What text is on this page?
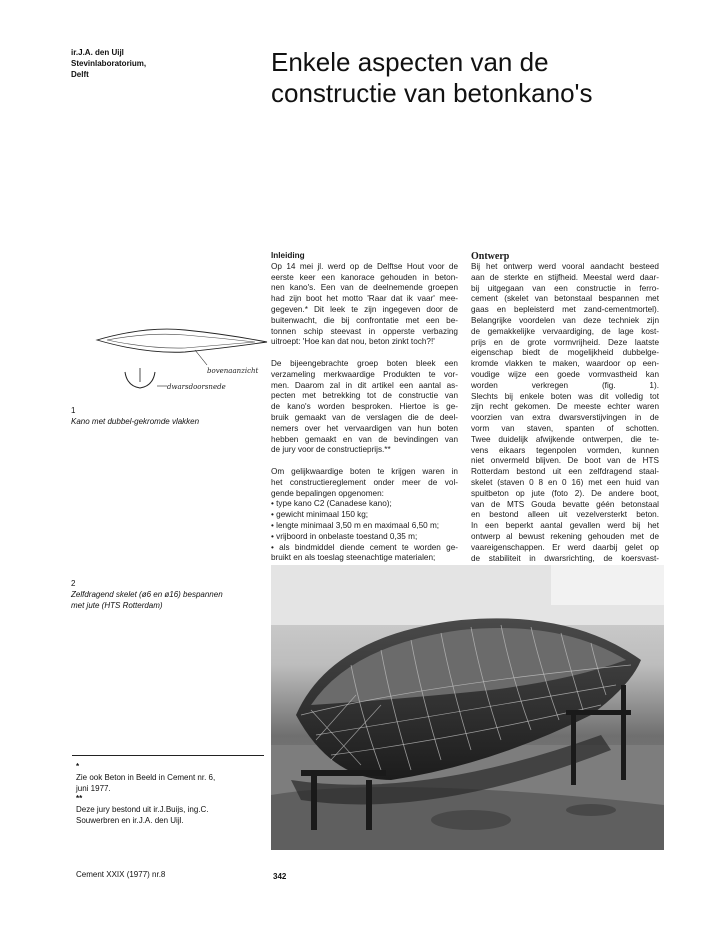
ir.J.A. den Uijl
Stevinlaboratorium,
Delft	Enkele aspecten van de
constructie van betonkano's
bovenaanzicht
dwarsdoorsnede
1
Kano met dubbel-gekromde vlakken
Inleiding
Op 14 mei jl. werd op de Delftse Hout voor de
eerste keer een kanorace gehouden in beton-
nen kano's. Een van de deelnemende groepen
had zijn boot het motto 'Raar dat ik vaar' mee-
gegeven.* Dit leek te zijn ingegeven door de
buitenwacht, die bij confrontatie met een be-
tonnen schip steevast in opperste verbazing
uitroept: 'Hoe kan dat nou, beton zinkt toch?!'
De bijeengebrachte groep boten bleek een
verzameling merkwaardige Produkten te vor-
men. Daarom zal in dit artikel een aantal as-
pecten met betrekking tot de constructie van
de kano's worden besproken. Hiertoe is ge-
bruik gemaakt van de verslagen die de deel-
nemers over het vervaardigen van hun boten
hebben gemaakt en van de bevindingen van
de jury voor de constructieprijs.**
Om gelijkwaardige boten te krijgen waren in
het constructiereglement onder meer de vol-
gende bepalingen opgenomen:
• type kano C2 (Canadese kano);
• gewicht minimaal 150 kg;
• lengte minimaal 3,50 m en maximaal 6,50 m;
• vrijboord in onbelaste toestand 0,35 m;
• als bindmiddel diende cement te worden ge-
bruikt en als toeslag steenachtige materialen;
Ontwerp
Bij het ontwerp werd vooral aandacht besteed
aan de sterkte en stijfheid. Meestal werd daar-
bij uitgegaan van een constructie in ferro-
cement (skelet van betonstaal bespannen met
gaas en bepleisterd met zand-cementmortel).
Belangrijke voordelen van deze techniek zijn
de gemakkelijke vervaardiging, de lage kost-
prijs en de grote vormvrijheid. Deze laatste
eigenschap biedt de mogelijkheid dubbelge-
kromde vlakken te maken, waardoor op een-
voudige wijze een goede vormvastheid kan
worden verkregen (fig. 1).
Slechts bij enkele boten was dit volledig tot
zijn recht gekomen. De meeste echter waren
voorzien van extra dwarsverstijvingen in de
vorm van staven, spanten of schotten.
Twee duidelijk afwijkende ontwerpen, die te-
vens eikaars tegenpolen vormden, kunnen
niet onvermeld blijven. De boot van de HTS
Rotterdam bestond uit een zelfdragend staal-
skelet (staven 0 8 en 0 16) met een huid van
spuitbeton op jute (foto 2). De andere boot,
van de MTS Gouda bevatte géén betonstaal
en bestond alleen uit vezelversterkt beton.
In een beperkt aantal gevallen werd bij het
ontwerp al bewust rekening gehouden met de
vaareigenschappen. Er werd daarbij gelet op
de stabiliteit in dwarsrichting, de koersvast-
2
Zelfdragend skelet (ø6 en ø16) bespannen
met jute (HTS Rotterdam)
*
Zie ook Beton in Beeld in Cement nr. 6,
juni 1977.
**
Deze jury bestond uit ir.J.Buijs, ing.C.
Souwerbren en ir.J.A. den Uijl.
Cement XXIX (1977) nr.8	342
